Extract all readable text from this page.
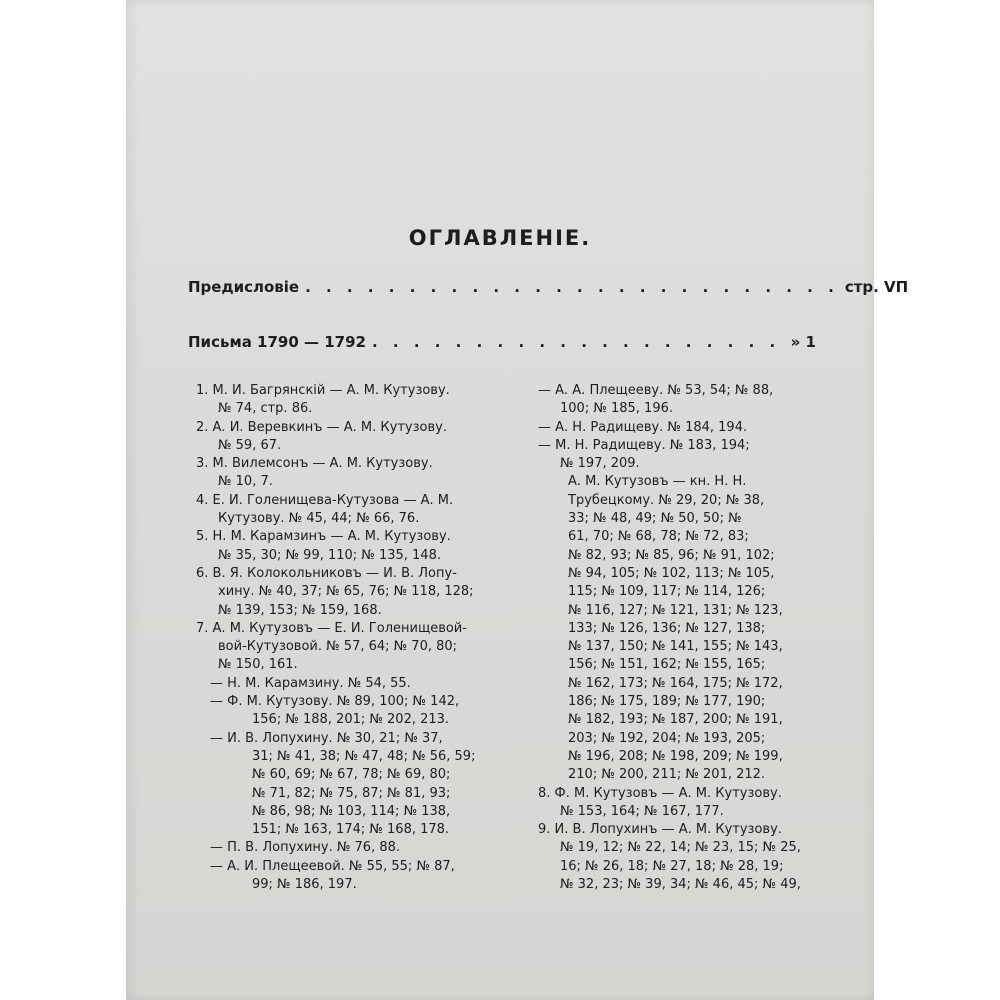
ОГЛАВЛЕНІЕ.
Предисловіе . . . . . . . . . . . . . . . . . . . . . . . . . . стр. VП
Письма 1790 — 1792 . . . . . . . . . . . . . . . . . . . . » 1
1. М. И. Багрянскій — А. М. Кутузову.
№ 74, стр. 86.
2. А. И. Веревкинъ — А. М. Кутузову.
№ 59, 67.
3. М. Вилемсонъ — А. М. Кутузову.
№ 10, 7.
4. Е. И. Голенищева-Кутузова — А. М.
Кутузову. № 45, 44; № 66, 76.
5. Н. М. Карамзинъ — А. М. Кутузову.
№ 35, 30; № 99, 110; № 135, 148.
6. В. Я. Колокольниковъ — И. В. Лопу-
хину. № 40, 37; № 65, 76; № 118, 128;
№ 139, 153; № 159, 168.
7. А. М. Кутузовъ — Е. И. Голенищевой-
вой-Кутузовой. № 57, 64; № 70, 80;
№ 150, 161.
— Н. М. Карамзину. № 54, 55.
— Ф. М. Кутузову. № 89, 100; № 142,
156; № 188, 201; № 202, 213.
— И. В. Лопухину. № 30, 21; № 37,
31; № 41, 38; № 47, 48; № 56, 59;
№ 60, 69; № 67, 78; № 69, 80;
№ 71, 82; № 75, 87; № 81, 93;
№ 86, 98; № 103, 114; № 138,
151; № 163, 174; № 168, 178.
— П. В. Лопухину. № 76, 88.
— А. И. Плещеевой. № 55, 55; № 87,
99; № 186, 197.
— А. А. Плещееву. № 53, 54; № 88,
100; № 185, 196.
— А. Н. Радищеву. № 184, 194.
— М. Н. Радищеву. № 183, 194;
№ 197, 209.
А. М. Кутузовъ — кн. Н. Н.
Трубецкому. № 29, 20; № 38,
33; № 48, 49; № 50, 50; №
61, 70; № 68, 78; № 72, 83;
№ 82, 93; № 85, 96; № 91, 102;
№ 94, 105; № 102, 113; № 105,
115; № 109, 117; № 114, 126;
№ 116, 127; № 121, 131; № 123,
133; № 126, 136; № 127, 138;
№ 137, 150; № 141, 155; № 143,
156; № 151, 162; № 155, 165;
№ 162, 173; № 164, 175; № 172,
186; № 175, 189; № 177, 190;
№ 182, 193; № 187, 200; № 191,
203; № 192, 204; № 193, 205;
№ 196, 208; № 198, 209; № 199,
210; № 200, 211; № 201, 212.
8. Ф. М. Кутузовъ — А. М. Кутузову.
№ 153, 164; № 167, 177.
9. И. В. Лопухинъ — А. М. Кутузову.
№ 19, 12; № 22, 14; № 23, 15; № 25,
16; № 26, 18; № 27, 18; № 28, 19;
№ 32, 23; № 39, 34; № 46, 45; № 49,
